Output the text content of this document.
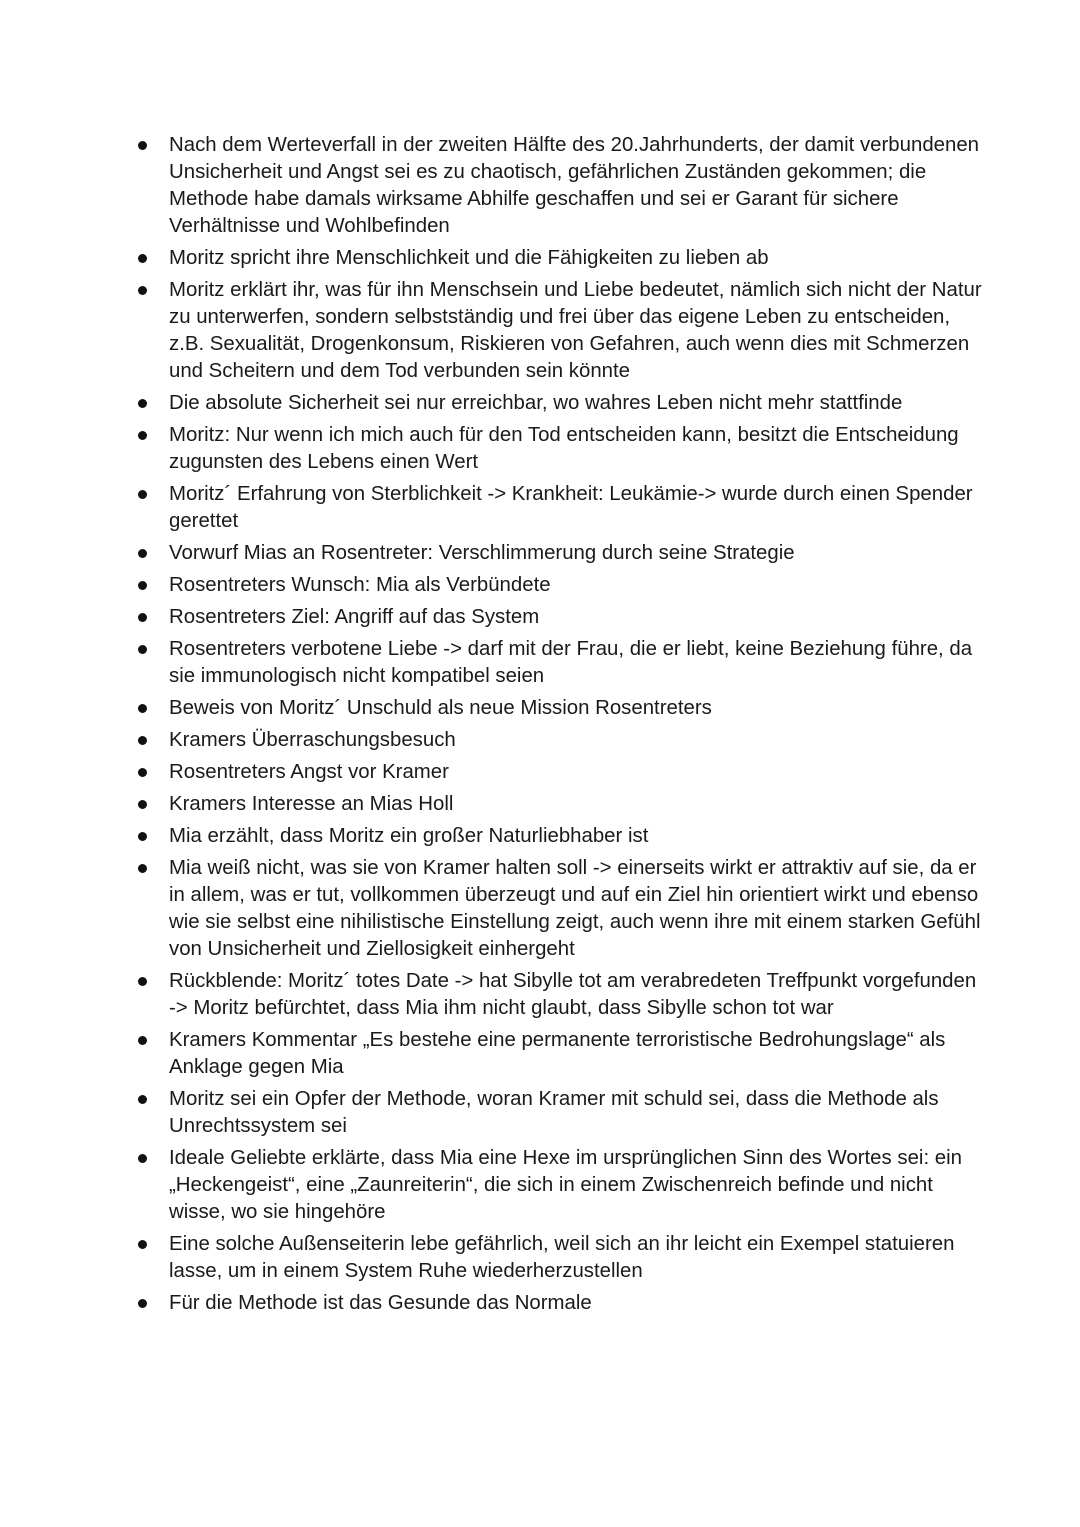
Nach dem Werteverfall in der zweiten Hälfte des 20.Jahrhunderts, der damit verbundenen Unsicherheit und Angst sei es zu chaotisch, gefährlichen Zuständen gekommen; die Methode habe damals wirksame Abhilfe geschaffen und sei er Garant für sichere Verhältnisse und Wohlbefinden
Moritz spricht ihre Menschlichkeit und die Fähigkeiten zu lieben ab
Moritz erklärt ihr, was für ihn Menschsein und Liebe bedeutet, nämlich sich nicht der Natur zu unterwerfen, sondern selbstständig und frei über das eigene Leben zu entscheiden, z.B. Sexualität, Drogenkonsum, Riskieren von Gefahren, auch wenn dies mit Schmerzen und Scheitern und dem Tod verbunden sein könnte
Die absolute Sicherheit sei nur erreichbar, wo wahres Leben nicht mehr stattfinde
Moritz: Nur wenn ich mich auch für den Tod entscheiden kann, besitzt die Entscheidung zugunsten des Lebens einen Wert
Moritz´ Erfahrung von Sterblichkeit -> Krankheit: Leukämie-> wurde durch einen Spender gerettet
Vorwurf Mias an Rosentreter: Verschlimmerung durch seine Strategie
Rosentreters Wunsch: Mia als Verbündete
Rosentreters Ziel: Angriff auf das System
Rosentreters verbotene Liebe -> darf mit der Frau, die er liebt, keine Beziehung führe, da sie immunologisch nicht kompatibel seien
Beweis von Moritz´ Unschuld als neue Mission Rosentreters
Kramers Überraschungsbesuch
Rosentreters Angst vor Kramer
Kramers Interesse an Mias Holl
Mia erzählt, dass Moritz ein großer Naturliebhaber ist
Mia weiß nicht, was sie von Kramer halten soll -> einerseits wirkt er attraktiv auf sie, da er in allem, was er tut, vollkommen überzeugt und auf ein Ziel hin orientiert wirkt und ebenso wie sie selbst eine nihilistische Einstellung zeigt, auch wenn ihre mit einem starken Gefühl von Unsicherheit und Ziellosigkeit einhergeht
Rückblende: Moritz´ totes Date -> hat Sibylle tot am verabredeten Treffpunkt vorgefunden -> Moritz befürchtet, dass Mia ihm nicht glaubt, dass Sibylle schon tot war
Kramers Kommentar „Es bestehe eine permanente terroristische Bedrohungslage“ als Anklage gegen Mia
Moritz sei ein Opfer der Methode, woran Kramer mit schuld sei, dass die Methode als Unrechtssystem sei
Ideale Geliebte erklärte, dass Mia eine Hexe im ursprünglichen Sinn des Wortes sei: ein „Heckengeist“, eine „Zaunreiterin“, die sich in einem Zwischenreich befinde und nicht wisse, wo sie hingehöre
Eine solche Außenseiterin lebe gefährlich, weil sich an ihr leicht ein Exempel statuieren lasse, um in einem System Ruhe wiederherzustellen
Für die Methode ist das Gesunde das Normale
